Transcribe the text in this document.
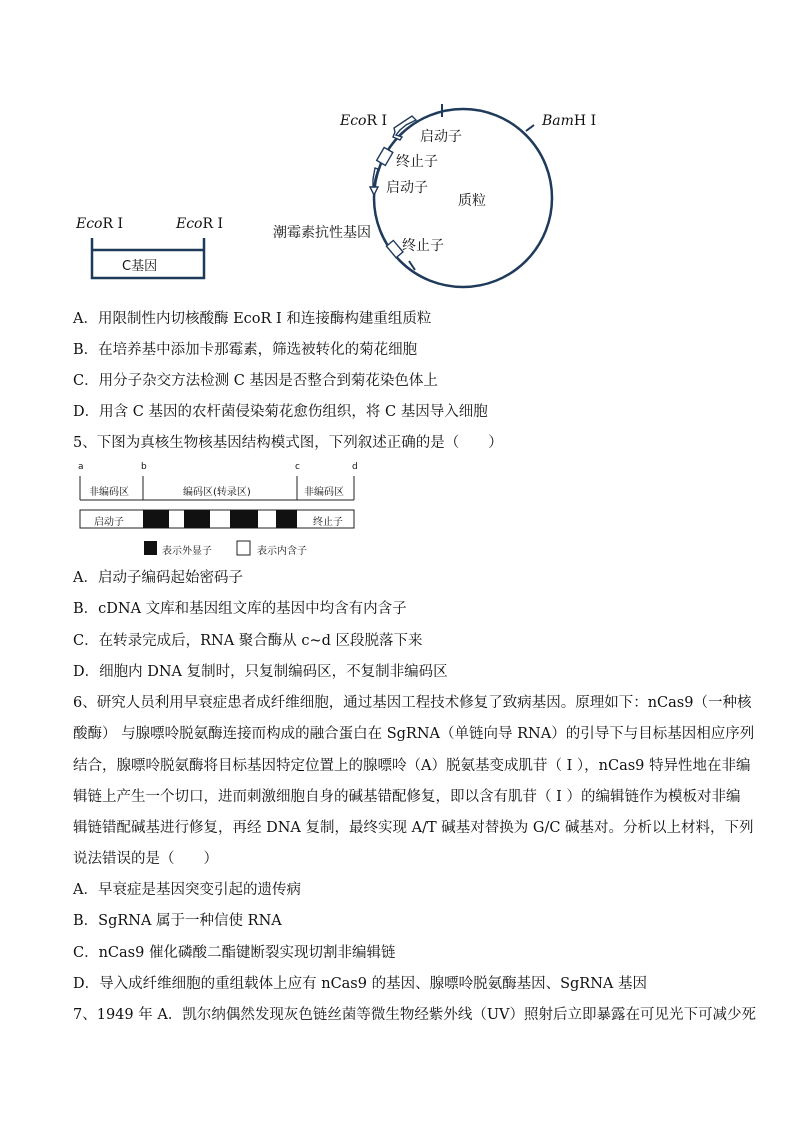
EcoR I	EcoR I
C基因
EcoR I	BamH I
启动子
终止子
启动子
质粒
潮霉素抗性基因
终止子
A．用限制性内切核酸酶 EcoR I 和连接酶构建重组质粒
B．在培养基中添加卡那霉素，筛选被转化的菊花细胞
C．用分子杂交方法检测 C 基因是否整合到菊花染色体上
D．用含 C 基因的农杆菌侵染菊花愈伤组织，将 C 基因导入细胞
5、下图为真核生物核基因结构模式图，下列叙述正确的是（　　）
a	b	c	d
非编码区	编码区(转录区)	非编码区
启动子	终止子
表示外显子	表示内含子
A．启动子编码起始密码子
B．cDNA 文库和基因组文库的基因中均含有内含子
C．在转录完成后，RNA 聚合酶从 c~d 区段脱落下来
D．细胞内 DNA 复制时，只复制编码区，不复制非编码区
6、研究人员利用早衰症患者成纤维细胞，通过基因工程技术修复了致病基因。原理如下：nCas9（一种核
酸酶） 与腺嘌呤脱氨酶连接而构成的融合蛋白在 SgRNA（单链向导 RNA）的引导下与目标基因相应序列
结合，腺嘌呤脱氨酶将目标基因特定位置上的腺嘌呤（A）脱氨基变成肌苷（ I ），nCas9 特异性地在非编
辑链上产生一个切口，进而刺激细胞自身的碱基错配修复，即以含有肌苷（ I ）的编辑链作为模板对非编
辑链错配碱基进行修复，再经 DNA 复制，最终实现 A/T 碱基对替换为 G/C 碱基对。分析以上材料，下列
说法错误的是（　　）
A．早衰症是基因突变引起的遗传病
B．SgRNA 属于一种信使 RNA
C．nCas9 催化磷酸二酯键断裂实现切割非编辑链
D．导入成纤维细胞的重组载体上应有 nCas9 的基因、腺嘌呤脱氨酶基因、SgRNA 基因
7、1949 年 A．凯尔纳偶然发现灰色链丝菌等微生物经紫外线（UV）照射后立即暴露在可见光下可减少死
